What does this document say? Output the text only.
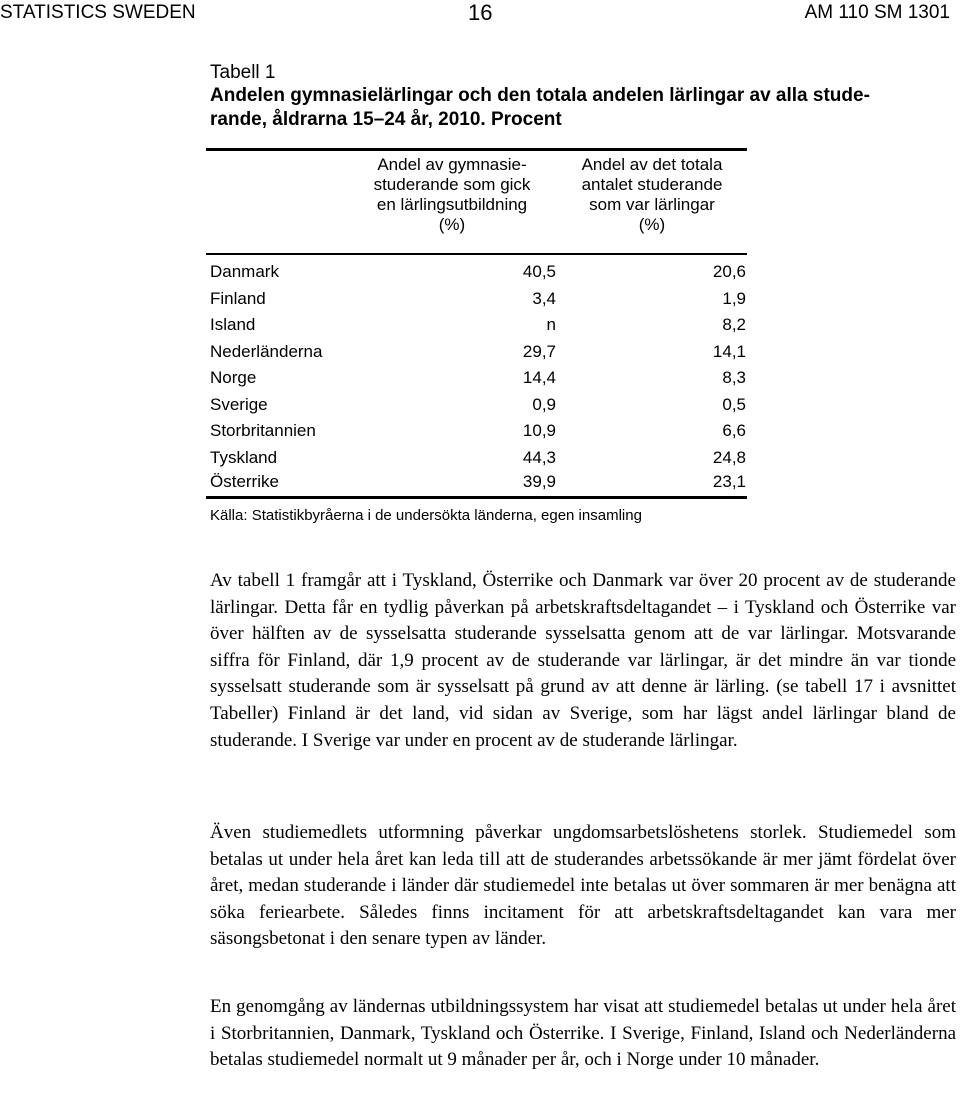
STATISTICS SWEDEN	16	AM 110 SM 1301
Tabell 1
Andelen gymnasielärlingar och den totala andelen lärlingar av alla stude-
rande, åldrarna 15–24 år, 2010. Procent
Andel av gymnasie-
studerande som gick
en lärlingsutbildning
(%)
Andel av det totala
antalet studerande
som var lärlingar
(%)
Danmark	40,5	20,6
Finland	3,4	1,9
Island	n	8,2
Nederländerna	29,7	14,1
Norge	14,4	8,3
Sverige	0,9	0,5
Storbritannien	10,9	6,6
Tyskland	44,3	24,8
Österrike	39,9	23,1
Källa: Statistikbyråerna i de undersökta länderna, egen insamling

Av tabell 1 framgår att i Tyskland, Österrike och Danmark var över 20 procent av de studerande lärlingar. Detta får en tydlig påverkan på arbetskraftsdeltagandet – i Tyskland och Österrike var över hälften av de sysselsatta studerande sysselsatta genom att de var lärlingar. Motsvarande siffra för Finland, där 1,9 procent av de studerande var lärlingar, är det mindre än var tionde sysselsatt studerande som är sysselsatt på grund av att denne är lärling. (se tabell 17 i avsnittet Tabeller) Finland är det land, vid sidan av Sverige, som har lägst andel lärlingar bland de studerande. I Sverige var under en procent av de studerande lärlingar.

Även studiemedlets utformning påverkar ungdomsarbetslöshetens storlek. Studiemedel som betalas ut under hela året kan leda till att de studerandes arbetssökande är mer jämt fördelat över året, medan studerande i länder där studiemedel inte betalas ut över sommaren är mer benägna att söka feriearbete. Således finns incitament för att arbetskraftsdeltagandet kan vara mer säsongsbetonat i den senare typen av länder.

En genomgång av ländernas utbildningssystem har visat att studiemedel betalas ut under hela året i Storbritannien, Danmark, Tyskland och Österrike. I Sverige, Finland, Island och Nederländerna betalas studiemedel normalt ut 9 månader per år, och i Norge under 10 månader.
